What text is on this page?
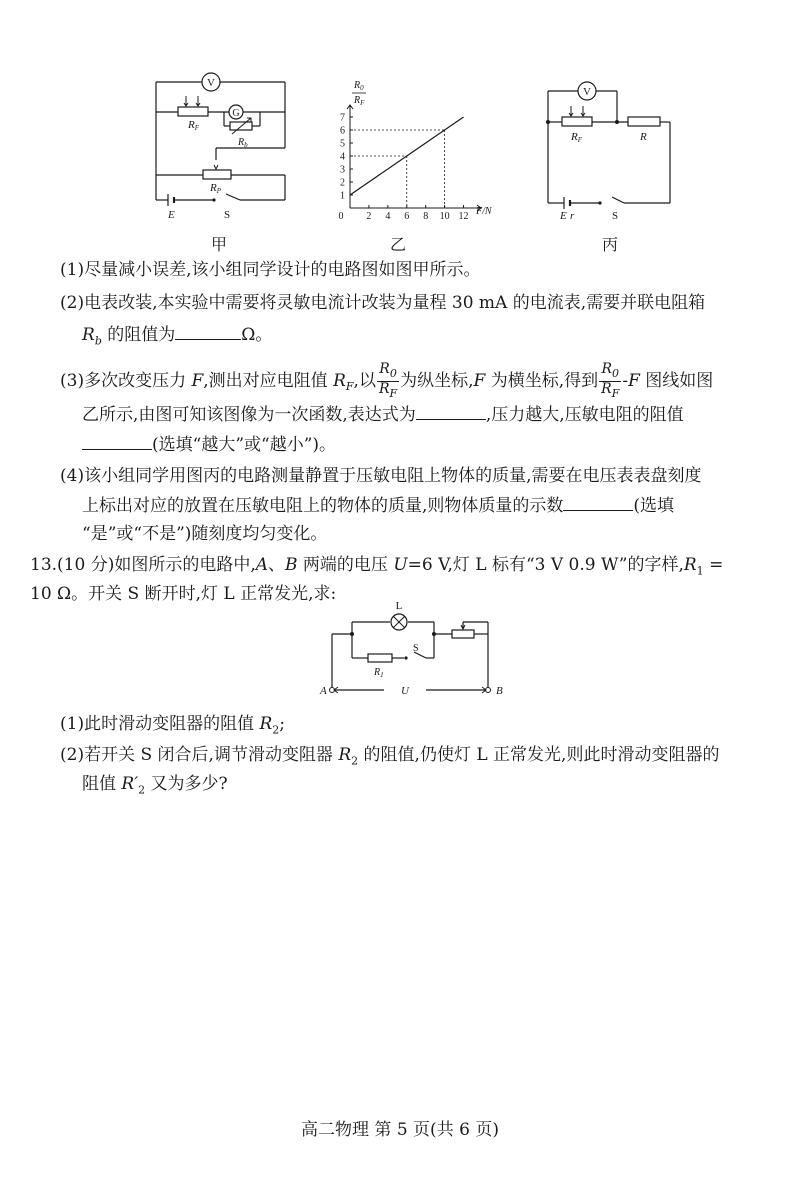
V
RF
G
$R_b$
RP
E	S
甲
$R_0$
$R_F$
F/N
0 2 4 6 8 10 12
1
2
3
4
5
6
7
乙
V
RF	R
E r	S
丙
(1)尽量减小误差,该小组同学设计的电路图如图甲所示。
(2)电表改装,本实验中需要将灵敏电流计改装为量程 30 mA 的电流表,需要并联电阻箱
$R_b$ 的阻值为	Ω。
(3)多次改变压力 F,测出对应电阻值 $R_F$,以 $\frac{R_0}{R_F}$ 为纵坐标,F 为横坐标,得到 $\frac{R_0}{R_F} -F$ 图线如图
乙所示,由图可知该图像为一次函数,表达式为	,压力越大,压敏电阻的阻值
(选填“越大”或“越小”)。
(4)该小组同学用图丙的电路测量静置于压敏电阻上物体的质量,需要在电压表表盘刻度
上标出对应的放置在压敏电阻上的物体的质量,则物体质量的示数	(选填
“是”或“不是”)随刻度均匀变化。
13.(10 分)如图所示的电路中,A、B 两端的电压 U=6 V,灯 L 标有“3 V 0.9 W”的字样$,R_1$ =
10 Ω。开关 S 断开时,灯 L 正常发光,求:
L
$R_1$
S
A	U	B
(1)此时滑动变阻器的阻值 $R_2$;
(2)若开关 S 闭合后,调节滑动变阻器 $R_2$ 的阻值,仍使灯 L 正常发光,则此时滑动变阻器的
阻值 $R'_2$ 又为多少?
高二物理 第 5 页(共 6 页)
